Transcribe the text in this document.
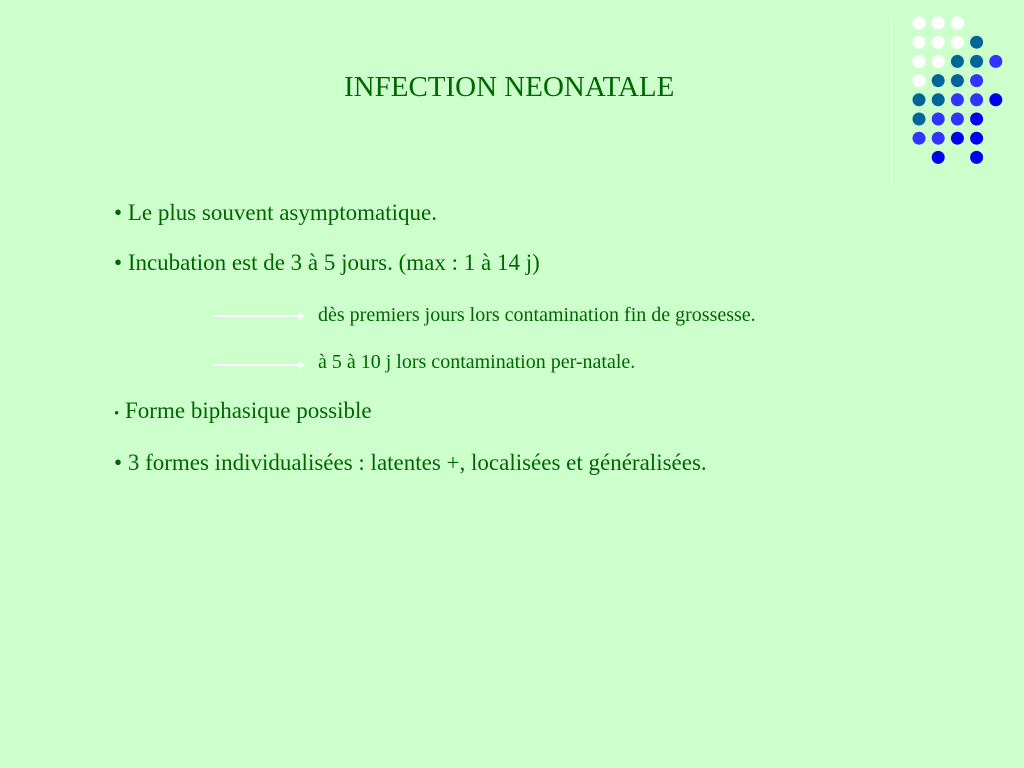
INFECTION NEONATALE
• Le plus souvent asymptomatique.
• Incubation est de 3 à 5 jours. (max : 1 à 14 j)
dès premiers jours lors contamination fin de grossesse.
à 5 à 10 j lors contamination per-natale.
• Forme biphasique possible
• 3 formes individualisées : latentes +, localisées et généralisées.
